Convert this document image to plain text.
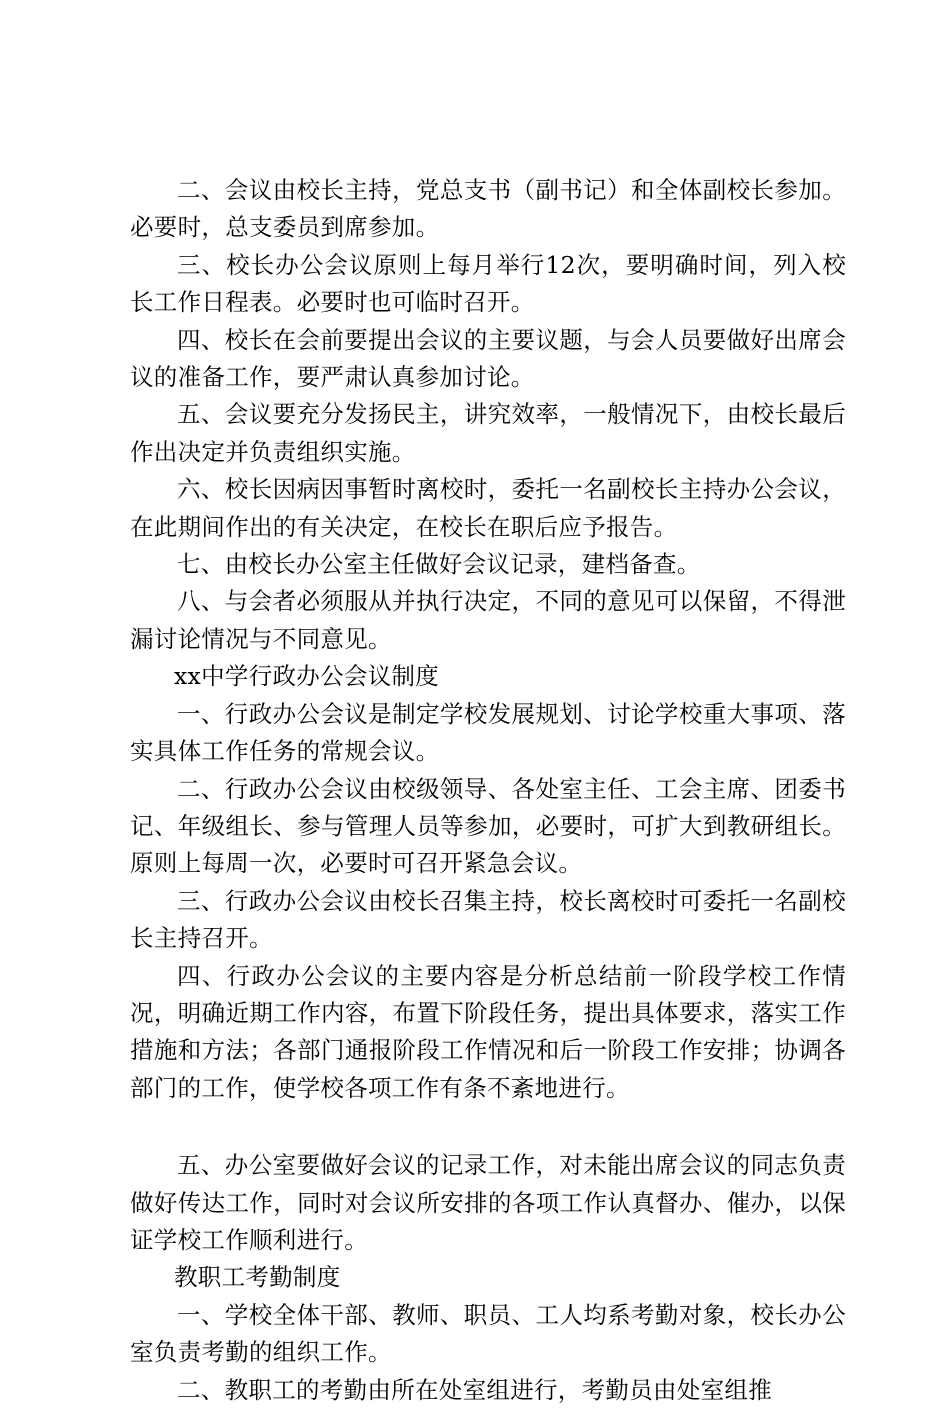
二、会议由校长主持，党总支书（副书记）和全体副校长参加。必要时，总支委员到席参加。

三、校长办公会议原则上每月举行12次，要明确时间，列入校长工作日程表。必要时也可临时召开。

四、校长在会前要提出会议的主要议题，与会人员要做好出席会议的准备工作，要严肃认真参加讨论。

五、会议要充分发扬民主，讲究效率，一般情况下，由校长最后作出决定并负责组织实施。

六、校长因病因事暂时离校时，委托一名副校长主持办公会议，在此期间作出的有关决定，在校长在职后应予报告。

七、由校长办公室主任做好会议记录，建档备查。

八、与会者必须服从并执行决定，不同的意见可以保留，不得泄漏讨论情况与不同意见。

xx中学行政办公会议制度

一、行政办公会议是制定学校发展规划、讨论学校重大事项、落实具体工作任务的常规会议。

二、行政办公会议由校级领导、各处室主任、工会主席、团委书记、年级组长、参与管理人员等参加，必要时，可扩大到教研组长。原则上每周一次，必要时可召开紧急会议。

三、行政办公会议由校长召集主持，校长离校时可委托一名副校长主持召开。

四、行政办公会议的主要内容是分析总结前一阶段学校工作情况，明确近期工作内容，布置下阶段任务，提出具体要求，落实工作措施和方法；各部门通报阶段工作情况和后一阶段工作安排；协调各部门的工作，使学校各项工作有条不紊地进行。

五、办公室要做好会议的记录工作，对未能出席会议的同志负责做好传达工作，同时对会议所安排的各项工作认真督办、催办，以保证学校工作顺利进行。

教职工考勤制度

一、学校全体干部、教师、职员、工人均系考勤对象，校长办公室负责考勤的组织工作。

二、教职工的考勤由所在处室组进行，考勤员由处室组推
